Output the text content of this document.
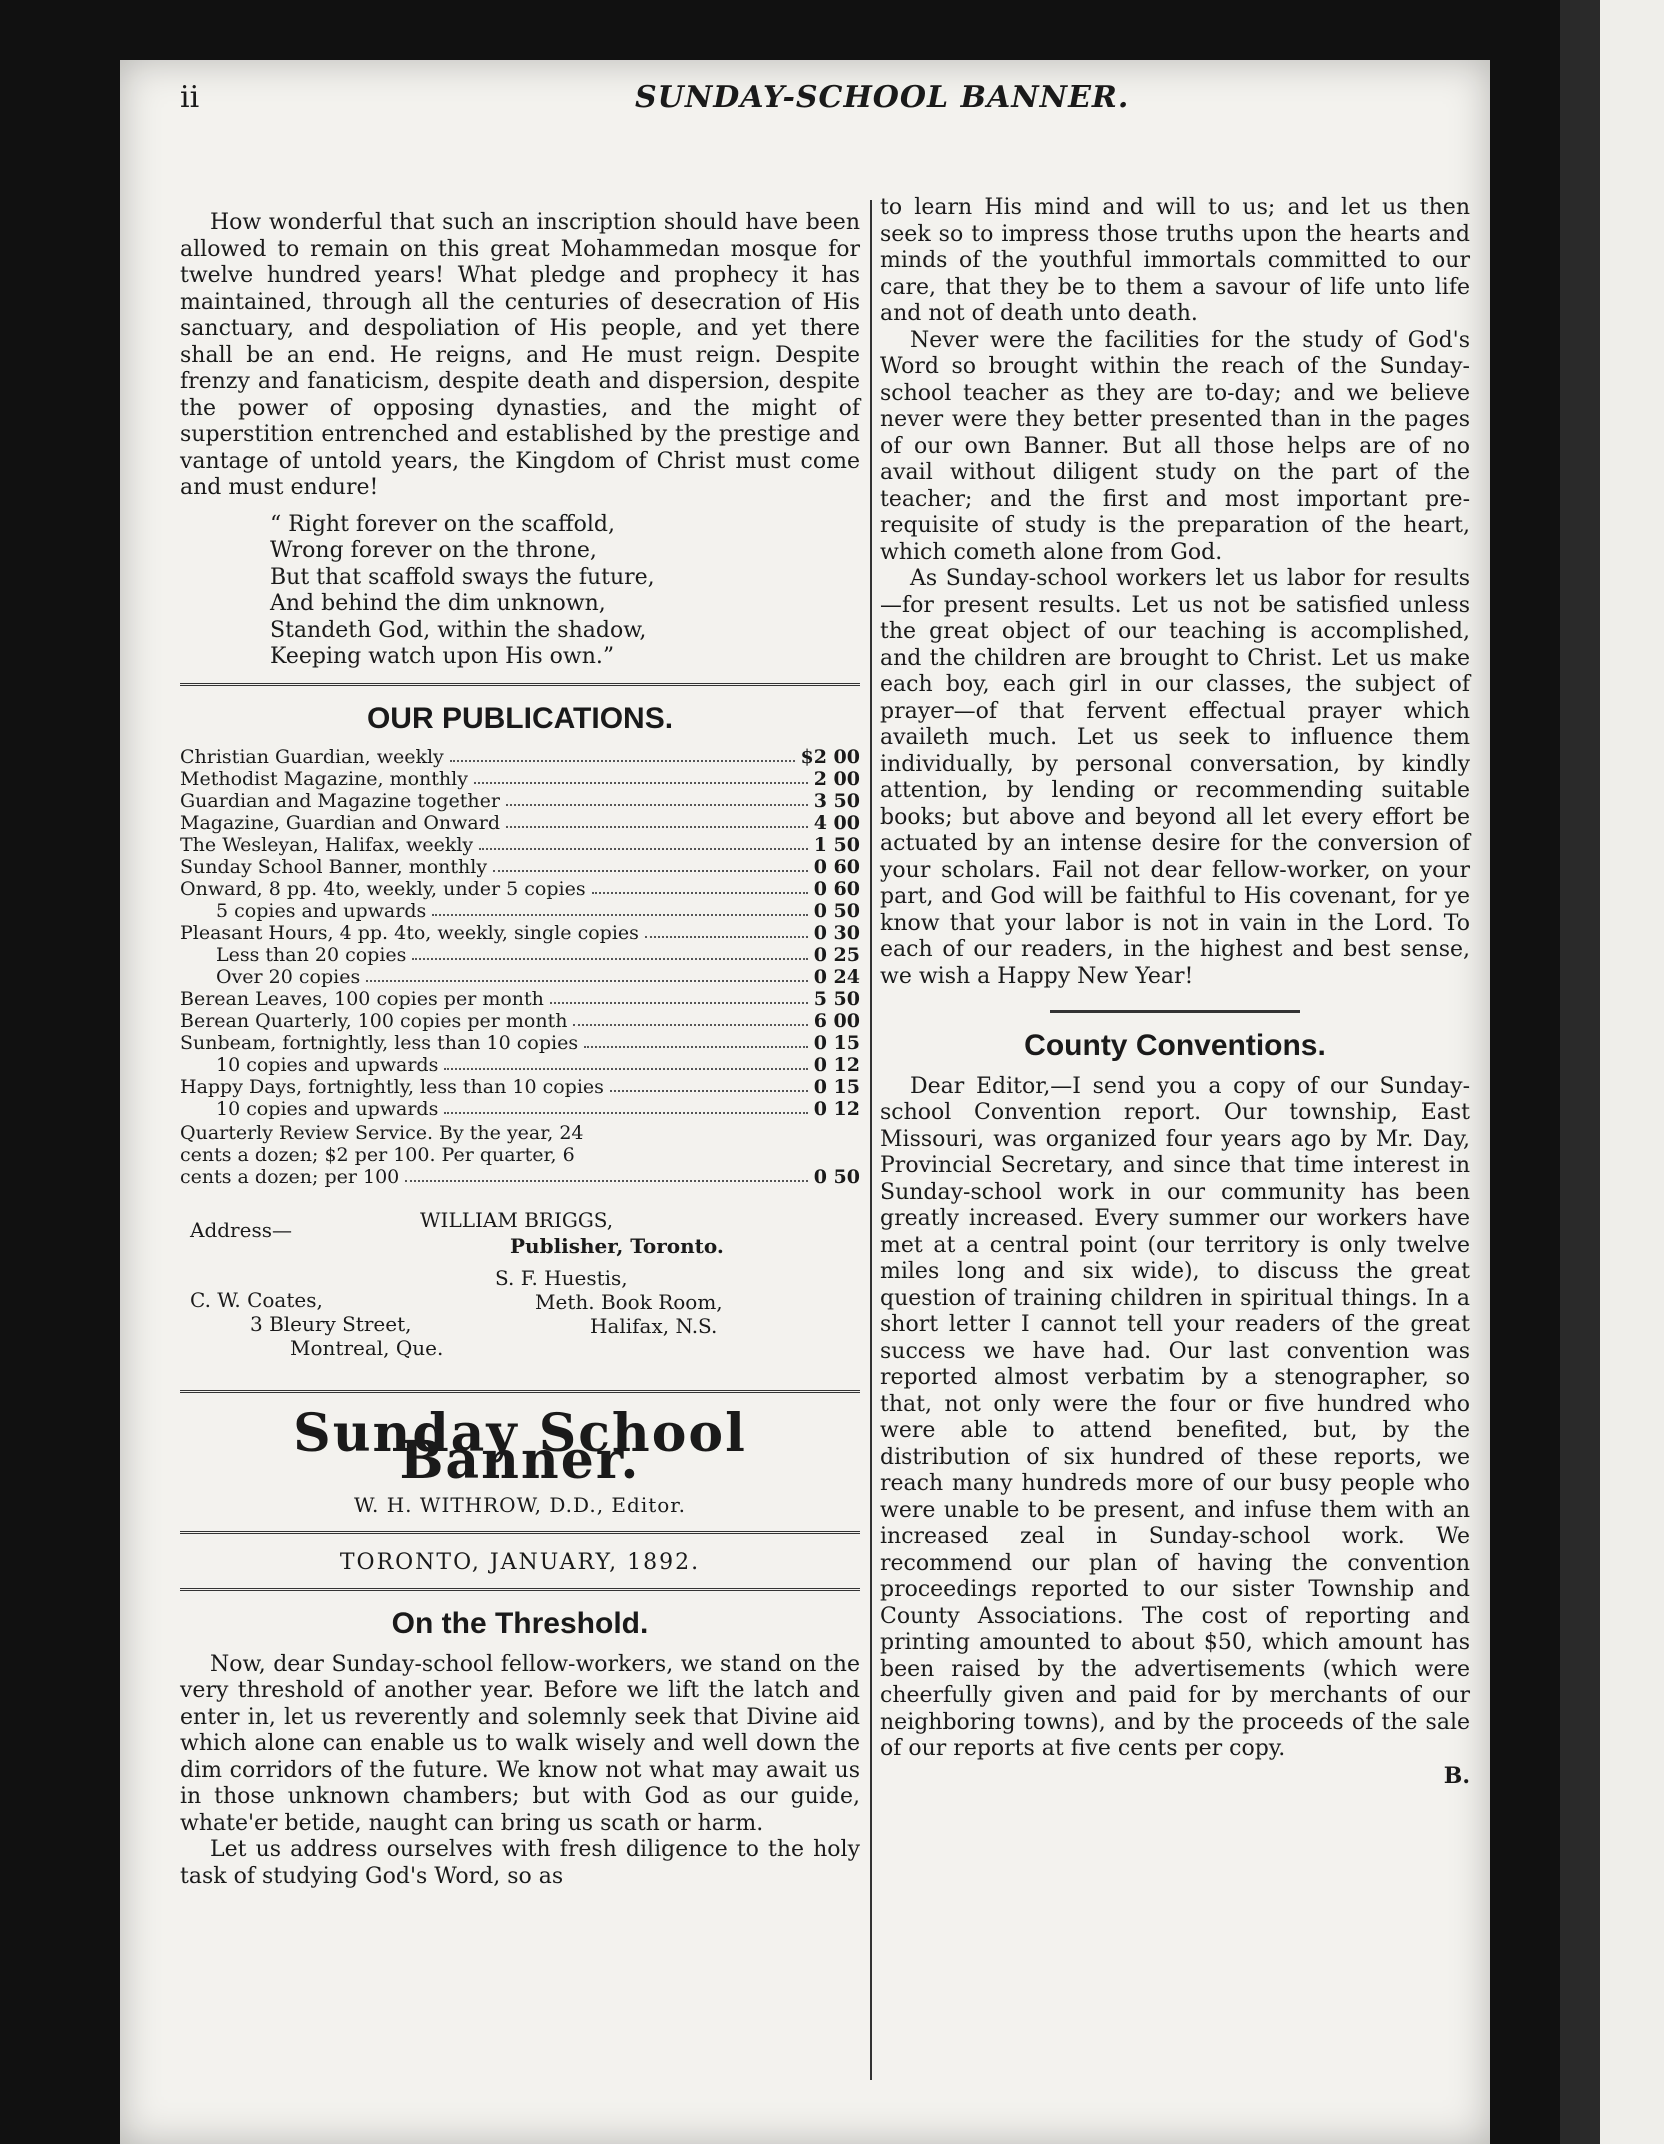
ii	SUNDAY-SCHOOL BANNER.

How wonderful that such an inscription should have been allowed to remain on this great Mohammedan mosque for twelve hundred years! What pledge and prophecy it has maintained, through all the centuries of desecration of His sanctuary, and despoliation of His people, and yet there shall be an end. He reigns, and He must reign. Despite frenzy and fanaticism, despite death and dispersion, despite the power of opposing dynasties, and the might of superstition entrenched and established by the prestige and vantage of untold years, the Kingdom of Christ must come and must endure!

“ Right forever on the scaffold,
Wrong forever on the throne,
But that scaffold sways the future,
And behind the dim unknown,
Standeth God, within the shadow,
Keeping watch upon His own.”
OUR PUBLICATIONS.
Christian Guardian, weekly	$2 00
Methodist Magazine, monthly	2 00
Guardian and Magazine together	3 50
Magazine, Guardian and Onward	4 00
The Wesleyan, Halifax, weekly	1 50
Sunday School Banner, monthly	0 60
Onward, 8 pp. 4to, weekly, under 5 copies	0 60
5 copies and upwards	0 50
Pleasant Hours, 4 pp. 4to, weekly, single copies	0 30
Less than 20 copies	0 25
Over 20 copies	0 24
Berean Leaves, 100 copies per month	5 50
Berean Quarterly, 100 copies per month	6 00
Sunbeam, fortnightly, less than 10 copies	0 15
10 copies and upwards	0 12
Happy Days, fortnightly, less than 10 copies	0 15
10 copies and upwards	0 12
Quarterly Review Service. By the year, 24
cents a dozen; $2 per 100. Per quarter, 6
cents a dozen; per 100	0 50
Address—	WILLIAM BRIGGS,
Publisher, Toronto.
C. W. Coates,
3 Bleury Street,
Montreal, Que.
S. F. Huestis,
Meth. Book Room,
Halifax, N.S.
Sunday School Banner.
W. H. WITHROW, D.D., Editor.
TORONTO, JANUARY, 1892.
On the Threshold.

Now, dear Sunday-school fellow-workers, we stand on the very threshold of another year. Before we lift the latch and enter in, let us reverently and solemnly seek that Divine aid which alone can enable us to walk wisely and well down the dim corridors of the future. We know not what may await us in those unknown chambers; but with God as our guide, whate'er betide, naught can bring us scath or harm.

Let us address ourselves with fresh diligence to the holy task of studying God's Word, so as

to learn His mind and will to us; and let us then seek so to impress those truths upon the hearts and minds of the youthful immortals committed to our care, that they be to them a savour of life unto life and not of death unto death.

Never were the facilities for the study of God's Word so brought within the reach of the Sunday-school teacher as they are to-day; and we believe never were they better presented than in the pages of our own Banner. But all those helps are of no avail without diligent study on the part of the teacher; and the first and most important pre-requisite of study is the preparation of the heart, which cometh alone from God.

As Sunday-school workers let us labor for results—for present results. Let us not be satisfied unless the great object of our teaching is accomplished, and the children are brought to Christ. Let us make each boy, each girl in our classes, the subject of prayer—of that fervent effectual prayer which availeth much. Let us seek to influence them individually, by personal conversation, by kindly attention, by lending or recommending suitable books; but above and beyond all let every effort be actuated by an intense desire for the conversion of your scholars. Fail not dear fellow-worker, on your part, and God will be faithful to His covenant, for ye know that your labor is not in vain in the Lord. To each of our readers, in the highest and best sense, we wish a Happy New Year!

County Conventions.

Dear Editor,—I send you a copy of our Sunday-school Convention report. Our township, East Missouri, was organized four years ago by Mr. Day, Provincial Secretary, and since that time interest in Sunday-school work in our community has been greatly increased. Every summer our workers have met at a central point (our territory is only twelve miles long and six wide), to discuss the great question of training children in spiritual things. In a short letter I cannot tell your readers of the great success we have had. Our last convention was reported almost verbatim by a stenographer, so that, not only were the four or five hundred who were able to attend benefited, but, by the distribution of six hundred of these reports, we reach many hundreds more of our busy people who were unable to be present, and infuse them with an increased zeal in Sunday-school work. We recommend our plan of having the convention proceedings reported to our sister Township and County Associations. The cost of reporting and printing amounted to about $50, which amount has been raised by the advertisements (which were cheerfully given and paid for by merchants of our neighboring towns), and by the proceeds of the sale of our reports at five cents per copy.

B.
